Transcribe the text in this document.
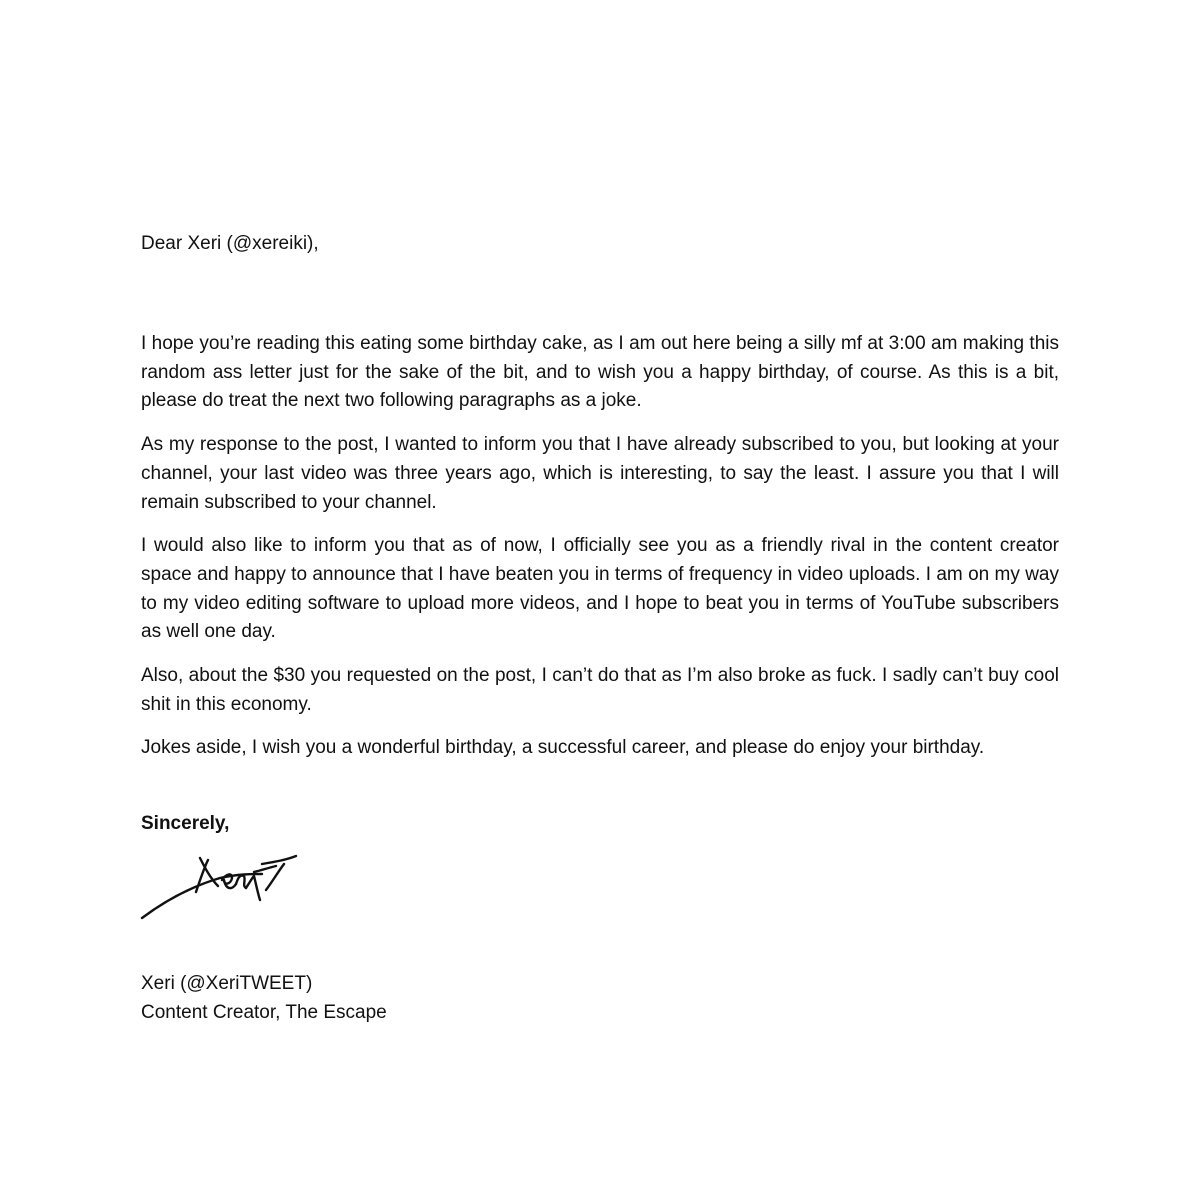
Dear Xeri (@xereiki),

I hope you’re reading this eating some birthday cake, as I am out here being a silly mf at 3:00 am making this random ass letter just for the sake of the bit, and to wish you a happy birthday, of course. As this is a bit, please do treat the next two following paragraphs as a joke.

As my response to the post, I wanted to inform you that I have already subscribed to you, but looking at your channel, your last video was three years ago, which is interesting, to say the least. I assure you that I will remain subscribed to your channel.

I would also like to inform you that as of now, I officially see you as a friendly rival in the content creator space and happy to announce that I have beaten you in terms of frequency in video uploads. I am on my way to my video editing software to upload more videos, and I hope to beat you in terms of YouTube subscribers as well one day.

Also, about the $30 you requested on the post, I can’t do that as I’m also broke as fuck. I sadly can’t buy cool shit in this economy.

Jokes aside, I wish you a wonderful birthday, a successful career, and please do enjoy your birthday.

Sincerely,

Xeri (@XeriTWEET)
Content Creator, The Escape
